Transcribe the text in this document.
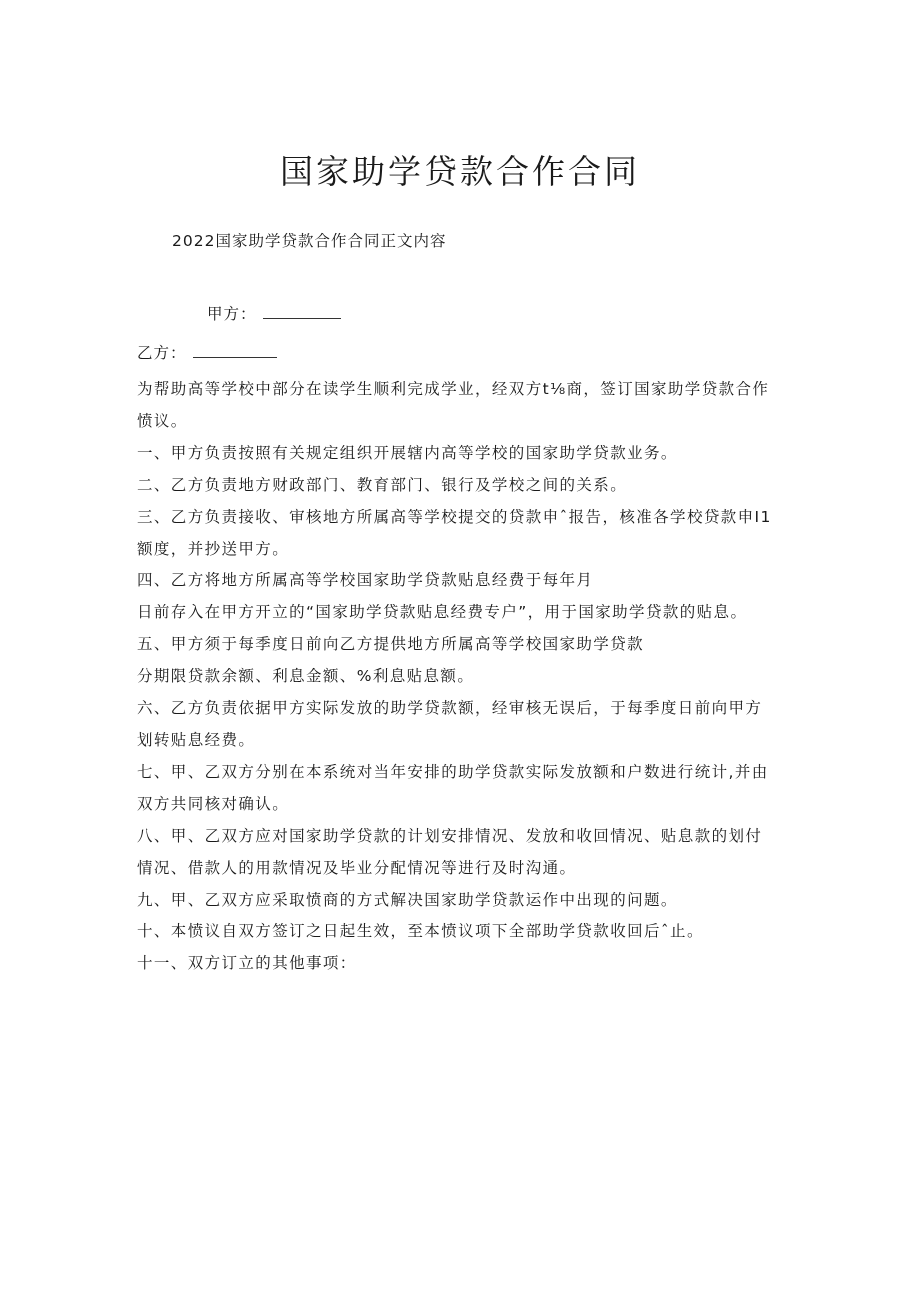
国家助学贷款合作合同
2022国家助学贷款合作合同正文内容
甲方：
乙方：

为帮助高等学校中部分在读学生顺利完成学业，经双方t⅛商，签订国家助学贷款合作

愤议。

一、甲方负责按照有关规定组织开展辖内高等学校的国家助学贷款业务。

二、乙方负责地方财政部门、教育部门、银行及学校之间的关系。

三、乙方负责接收、审核地方所属高等学校提交的贷款申ˆ报告，核准各学校贷款申I1

额度，并抄送甲方。

四、乙方将地方所属高等学校国家助学贷款贴息经费于每年月

日前存入在甲方开立的“国家助学贷款贴息经费专户”，用于国家助学贷款的贴息。

五、甲方须于每季度日前向乙方提供地方所属高等学校国家助学贷款

分期限贷款余额、利息金额、%利息贴息额。

六、乙方负责依据甲方实际发放的助学贷款额，经审核无误后，于每季度日前向甲方

划转贴息经费。

七、甲、乙双方分别在本系统对当年安排的助学贷款实际发放额和户数进行统计,并由

双方共同核对确认。

八、甲、乙双方应对国家助学贷款的计划安排情况、发放和收回情况、贴息款的划付

情况、借款人的用款情况及毕业分配情况等进行及时沟通。

九、甲、乙双方应采取愤商的方式解决国家助学贷款运作中出现的问题。

十、本愤议自双方签订之日起生效，至本愤议项下全部助学贷款收回后ˆ止。

十一、双方订立的其他事项：
